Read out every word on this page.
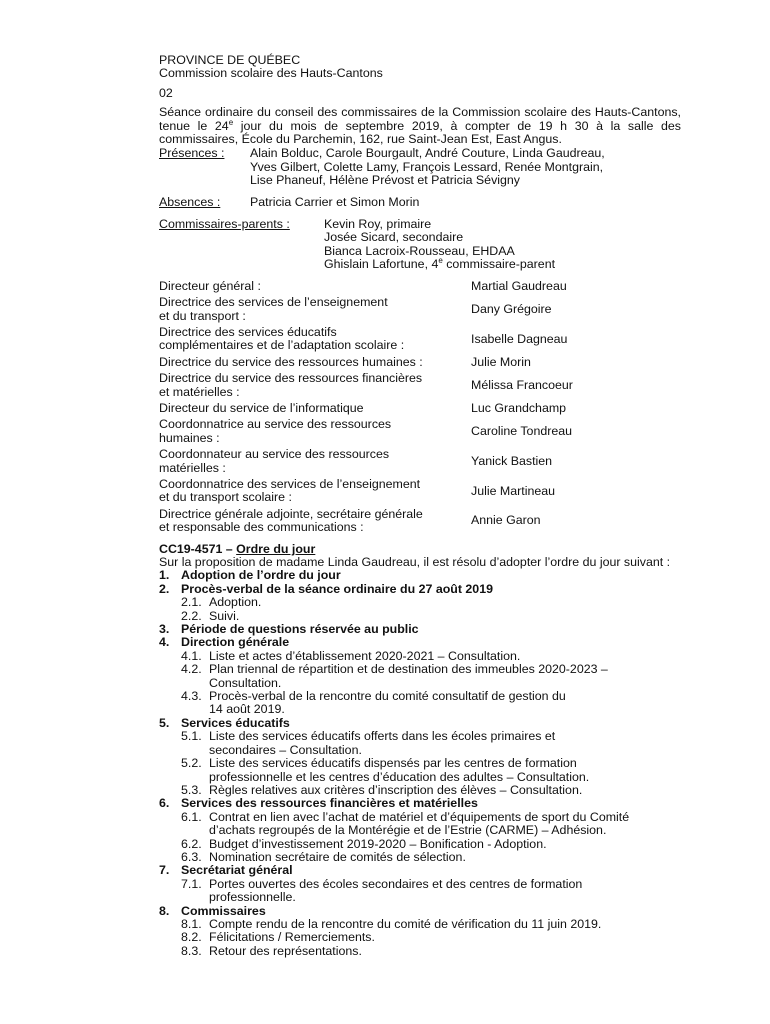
PROVINCE DE QUÉBEC
Commission scolaire des Hauts-Cantons
02
Séance ordinaire du conseil des commissaires de la Commission scolaire des Hauts-Cantons, tenue le 24e jour du mois de septembre 2019, à compter de 19 h 30 à la salle des commissaires, École du Parchemin, 162, rue Saint-Jean Est, East Angus.
Présences :	Alain Bolduc, Carole Bourgault, André Couture, Linda Gaudreau,
Yves Gilbert, Colette Lamy, François Lessard, Renée Montgrain,
Lise Phaneuf, Hélène Prévost et Patricia Sévigny
Absences :	Patricia Carrier et Simon Morin
Commissaires-parents :	Kevin Roy, primaire
Josée Sicard, secondaire
Bianca Lacroix-Rousseau, EHDAA
Ghislain Lafortune, 4e commissaire-parent
Directeur général :	Martial Gaudreau
Directrice des services de l’enseignement
et du transport :	Dany Grégoire
Directrice des services éducatifs
complémentaires et de l’adaptation scolaire :	Isabelle Dagneau
Directrice du service des ressources humaines :	Julie Morin
Directrice du service des ressources financières
et matérielles :	Mélissa Francoeur
Directeur du service de l’informatique	Luc Grandchamp
Coordonnatrice au service des ressources
humaines :	Caroline Tondreau
Coordonnateur au service des ressources
matérielles :	Yanick Bastien
Coordonnatrice des services de l’enseignement
et du transport scolaire :	Julie Martineau
Directrice générale adjointe, secrétaire générale
et responsable des communications :	Annie Garon
CC19-4571 – Ordre du jour
Sur la proposition de madame Linda Gaudreau, il est résolu d’adopter l’ordre du jour suivant :
1. Adoption de l’ordre du jour
2. Procès-verbal de la séance ordinaire du 27 août 2019
2.1. Adoption.
2.2. Suivi.
3. Période de questions réservée au public
4. Direction générale
4.1. Liste et actes d’établissement 2020-2021 – Consultation.
4.2. Plan triennal de répartition et de destination des immeubles 2020-2023 –
Consultation.
4.3. Procès-verbal de la rencontre du comité consultatif de gestion du
14 août 2019.
5. Services éducatifs
5.1. Liste des services éducatifs offerts dans les écoles primaires et
secondaires – Consultation.
5.2. Liste des services éducatifs dispensés par les centres de formation
professionnelle et les centres d’éducation des adultes – Consultation.
5.3. Règles relatives aux critères d’inscription des élèves – Consultation.
6. Services des ressources financières et matérielles
6.1. Contrat en lien avec l’achat de matériel et d’équipements de sport du Comité
d’achats regroupés de la Montérégie et de l’Estrie (CARME) – Adhésion.
6.2. Budget d’investissement 2019-2020 – Bonification - Adoption.
6.3. Nomination secrétaire de comités de sélection.
7. Secrétariat général
7.1. Portes ouvertes des écoles secondaires et des centres de formation
professionnelle.
8. Commissaires
8.1. Compte rendu de la rencontre du comité de vérification du 11 juin 2019.
8.2. Félicitations / Remerciements.
8.3. Retour des représentations.
